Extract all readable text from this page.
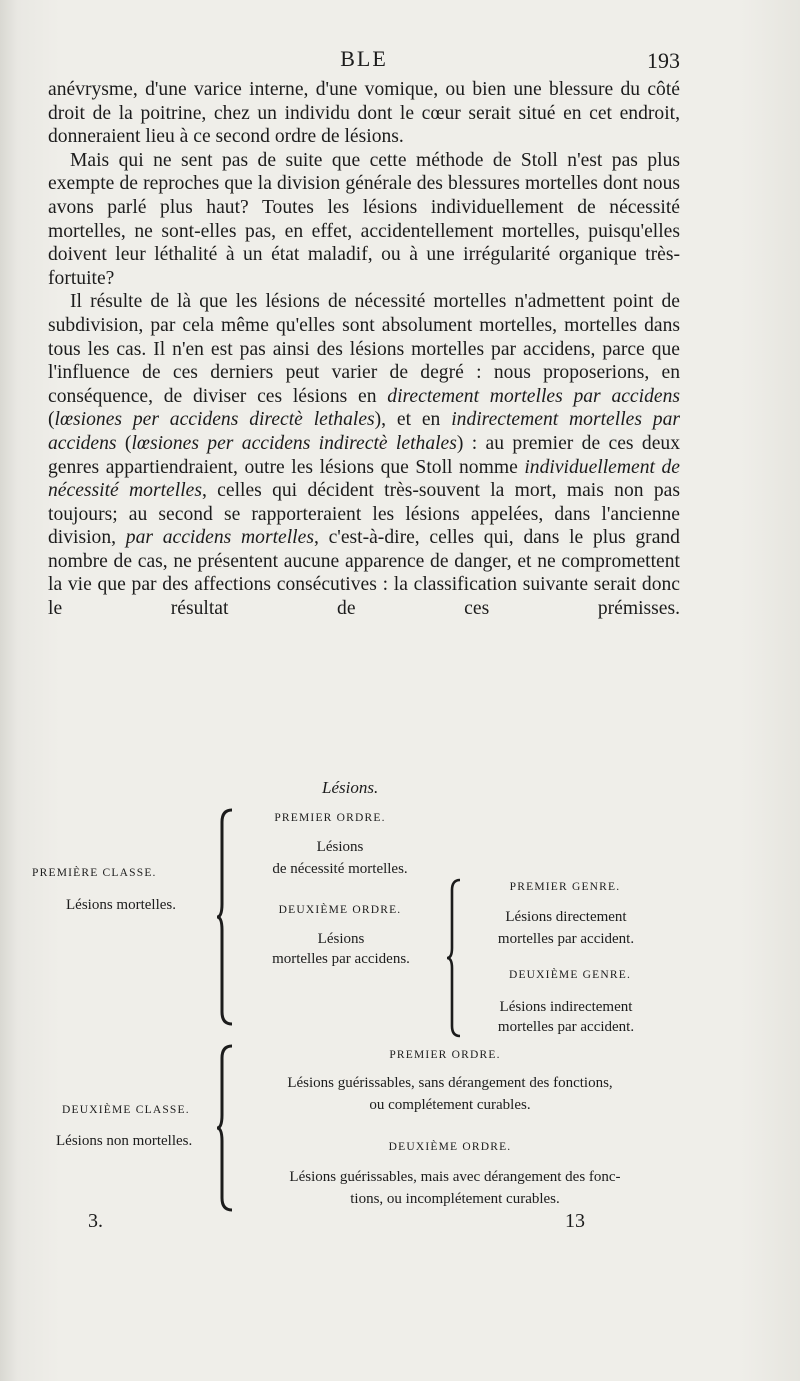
BLE	193

anévrysme, d'une varice interne, d'une vomique, ou bien une blessure du côté droit de la poitrine, chez un individu dont le cœur serait situé en cet endroit, donneraient lieu à ce second ordre de lésions.

Mais qui ne sent pas de suite que cette méthode de Stoll n'est pas plus exempte de reproches que la division générale des blessures mortelles dont nous avons parlé plus haut? Toutes les lésions individuellement de nécessité mortelles, ne sont-elles pas, en effet, accidentellement mortelles, puisqu'elles doivent leur léthalité à un état maladif, ou à une irrégularité organique très-fortuite?

Il résulte de là que les lésions de nécessité mortelles n'admettent point de subdivision, par cela même qu'elles sont absolument mortelles, mortelles dans tous les cas. Il n'en est pas ainsi des lésions mortelles par accidens, parce que l'influence de ces derniers peut varier de degré : nous proposerions, en conséquence, de diviser ces lésions en directement mortelles par accidens (lœsiones per accidens directè lethales), et en indirectement mortelles par accidens (lœsiones per accidens indirectè lethales) : au premier de ces deux genres appartiendraient, outre les lésions que Stoll nomme individuellement de nécessité mortelles, celles qui décident très-souvent la mort, mais non pas toujours; au second se rapporteraient les lésions appelées, dans l'ancienne division, par accidens mortelles, c'est-à-dire, celles qui, dans le plus grand nombre de cas, ne présentent aucune apparence de danger, et ne compromettent la vie que par des affections consécutives : la classification suivante serait donc le résultat de ces prémisses.

Lésions.
PREMIÈRE CLASSE.
Lésions mortelles.
PREMIER ORDRE.
Lésions
de nécessité mortelles.
DEUXIÈME ORDRE.
Lésions
mortelles par accidens.
PREMIER GENRE.
Lésions directement
mortelles par accident.
DEUXIÈME GENRE.
Lésions indirectement
mortelles par accident.
DEUXIÈME CLASSE.
Lésions non mortelles.
PREMIER ORDRE.
Lésions guérissables, sans dérangement des fonctions,
ou complétement curables.
DEUXIÈME ORDRE.
Lésions guérissables, mais avec dérangement des fonc-
tions, ou incomplétement curables.
3.	13
